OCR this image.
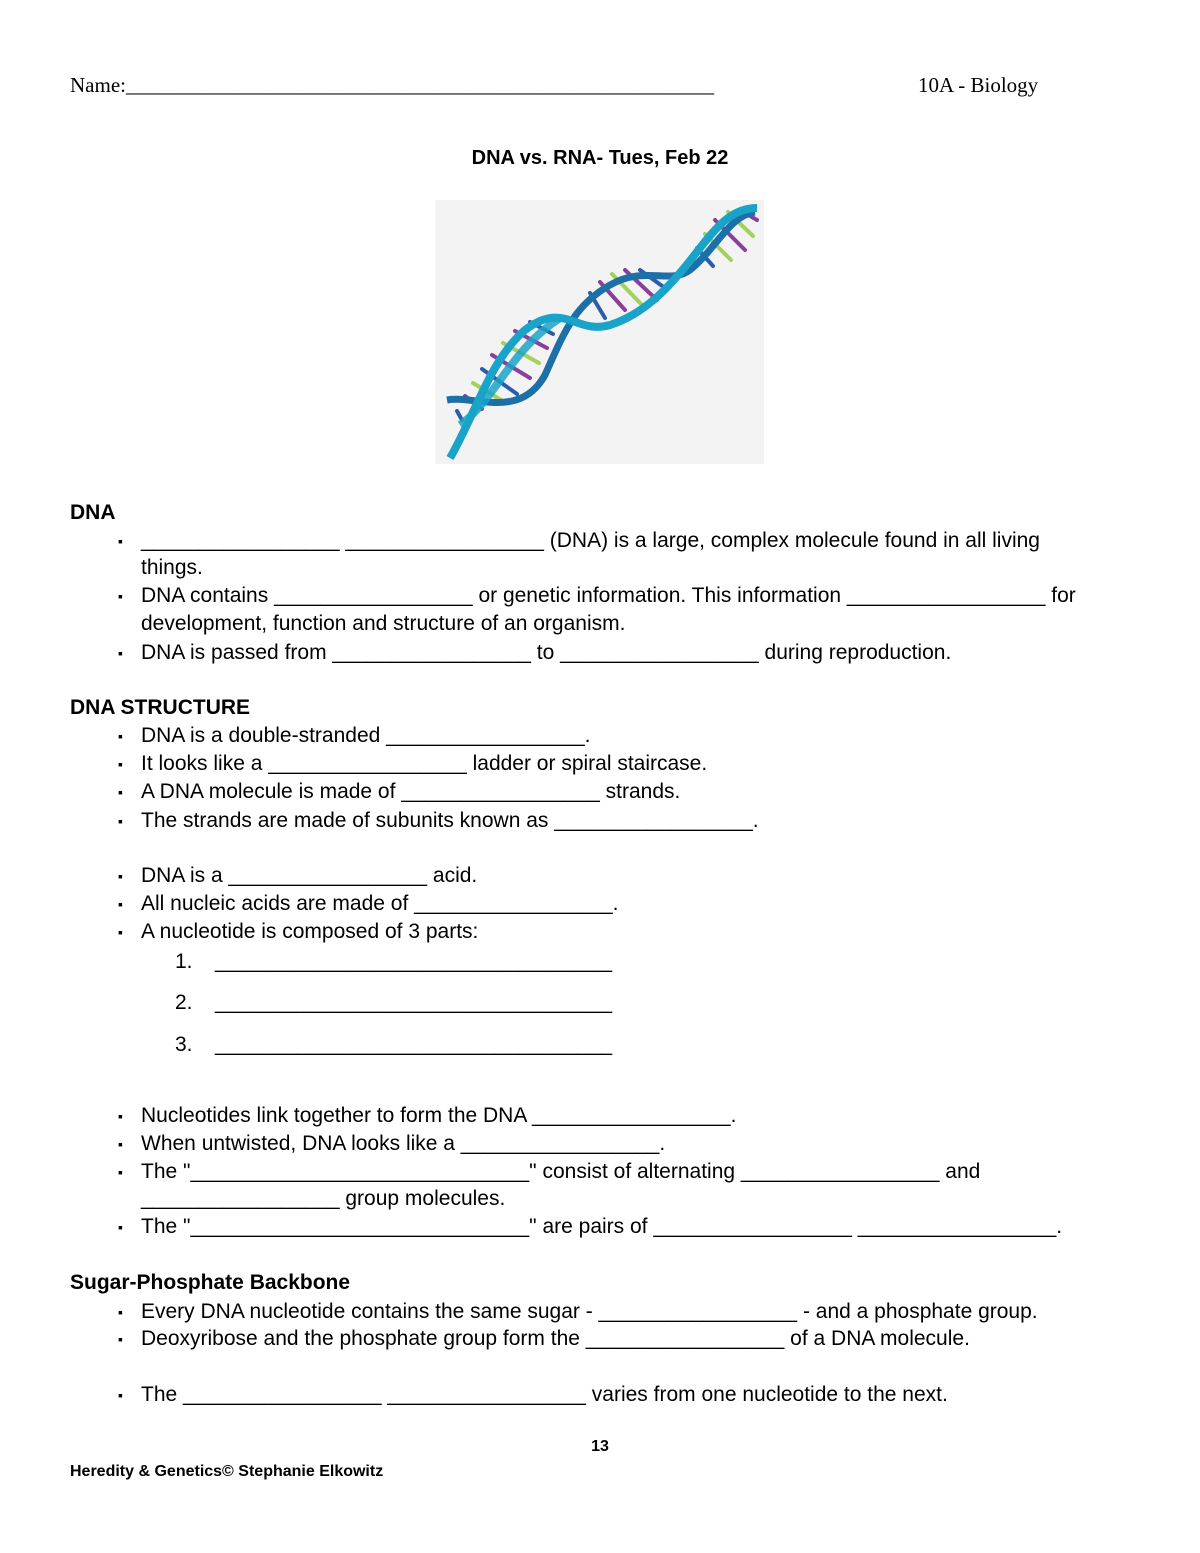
Name:________________________________________________________	10A - Biology
DNA vs. RNA- Tues, Feb 22
DNA
▪ _________________ _________________ (DNA) is a large, complex molecule found in all living
things.
▪ DNA contains _________________ or genetic information. This information _________________ for
development, function and structure of an organism.
▪ DNA is passed from _________________ to _________________ during reproduction.
DNA STRUCTURE
▪ DNA is a double-stranded _________________.
▪ It looks like a _________________ ladder or spiral staircase.
▪ A DNA molecule is made of _________________ strands.
▪ The strands are made of subunits known as _________________.
▪ DNA is a _________________ acid.
▪ All nucleic acids are made of _________________.
▪ A nucleotide is composed of 3 parts:
1. __________________________________
2. __________________________________
3. __________________________________
▪ Nucleotides link together to form the DNA _________________.
▪ When untwisted, DNA looks like a _________________.
▪ The "_____________________________" consist of alternating _________________ and
_________________ group molecules.
▪ The "_____________________________" are pairs of _________________ _________________.
Sugar-Phosphate Backbone
▪ Every DNA nucleotide contains the same sugar - _________________ - and a phosphate group.
▪ Deoxyribose and the phosphate group form the _________________ of a DNA molecule.
▪ The _________________ _________________ varies from one nucleotide to the next.
13
Heredity & Genetics© Stephanie Elkowitz
